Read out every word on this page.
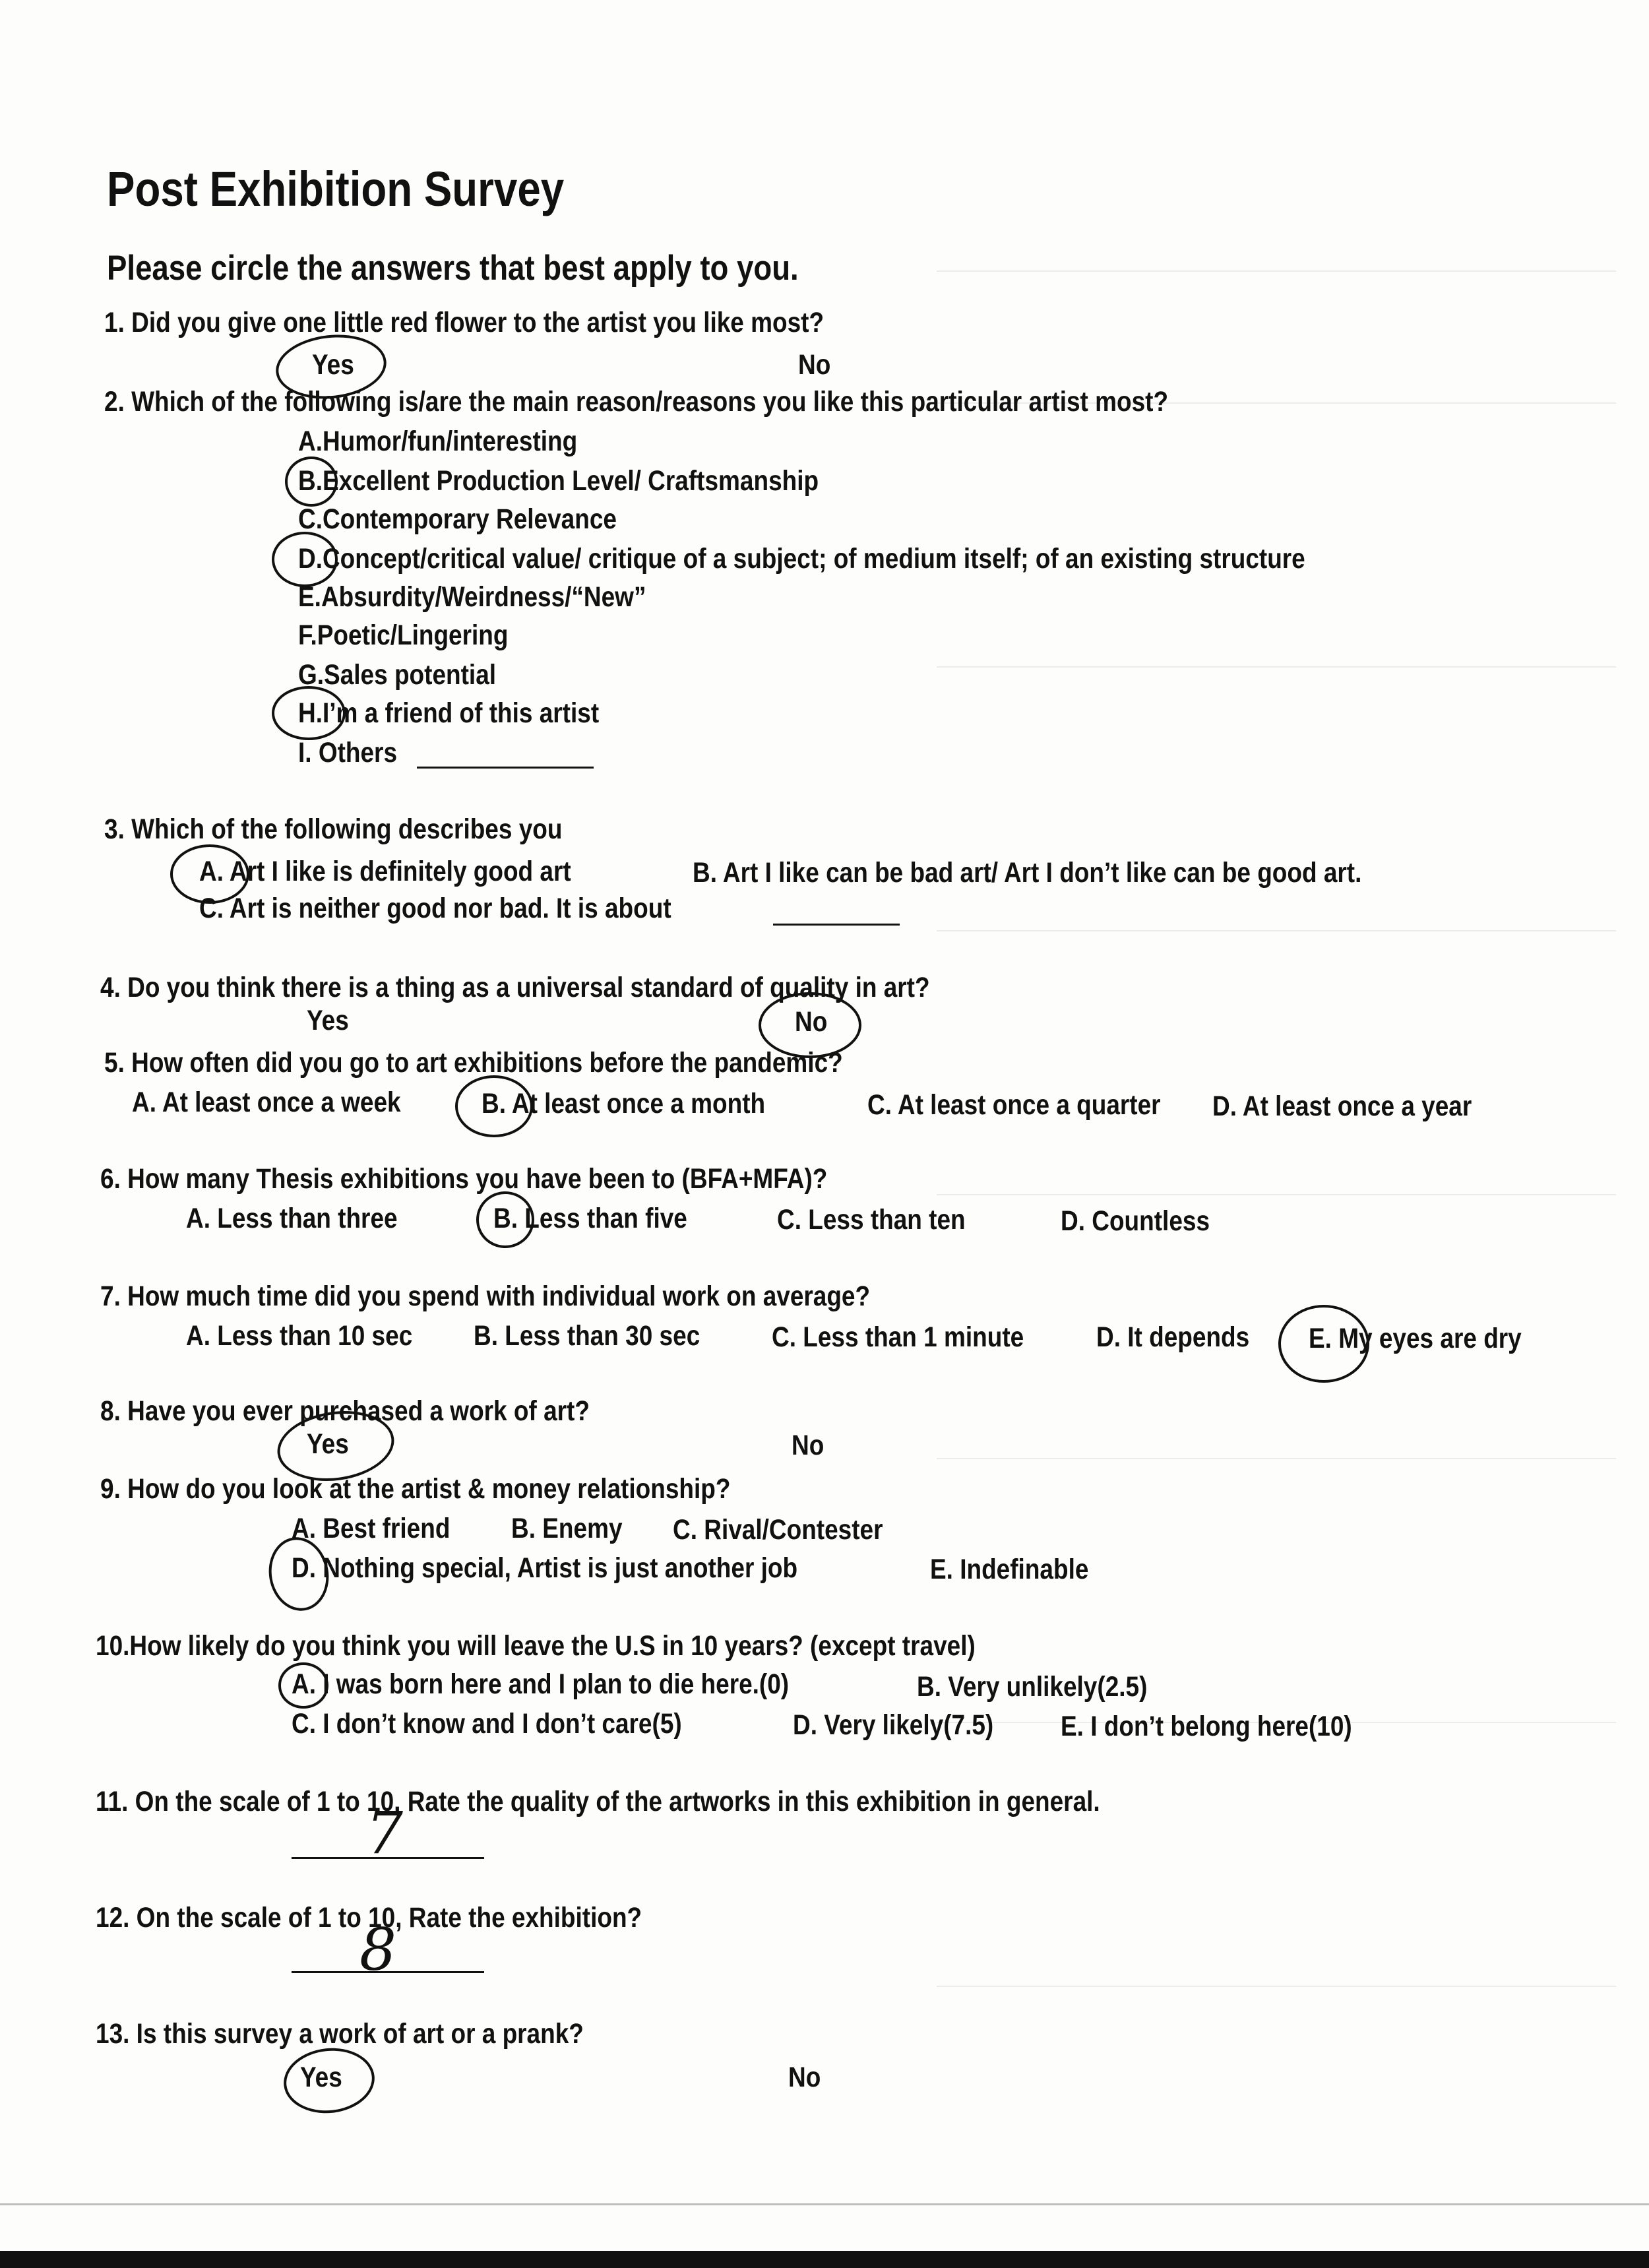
Post Exhibition Survey
Please circle the answers that best apply to you.
1. Did you give one little red flower to the artist you like most?
Yes	No
2. Which of the following is/are the main reason/reasons you like this particular artist most?
A.Humor/fun/interesting
B.Excellent Production Level/ Craftsmanship
C.Contemporary Relevance
D.Concept/critical value/ critique of a subject; of medium itself; of an existing structure
E.Absurdity/Weirdness/“New”
F.Poetic/Lingering
G.Sales potential
H.I’m a friend of this artist
I. Others
3. Which of the following describes you
A. Art I like is definitely good art	B. Art I like can be bad art/ Art I don’t like can be good art.
C. Art is neither good nor bad. It is about
4. Do you think there is a thing as a universal standard of quality in art?
Yes	No
5. How often did you go to art exhibitions before the pandemic?
A. At least once a week	B. At least once a month	C. At least once a quarter D. At least once a year
6. How many Thesis exhibitions you have been to (BFA+MFA)?
A. Less than three	B. Less than five	C. Less than ten	D. Countless
7. How much time did you spend with individual work on average?
A. Less than 10 sec B. Less than 30 sec	C. Less than 1 minute	D. It depends E. My eyes are dry
8. Have you ever purchased a work of art?
Yes	No
9. How do you look at the artist & money relationship?
A. Best friend B. Enemy C. Rival/Contester
D. Nothing special, Artist is just another job	E. Indefinable
10.How likely do you think you will leave the U.S in 10 years? (except travel)
A. I was born here and I plan to die here.(0)	B. Very unlikely(2.5)
C. I don’t know and I don’t care(5)	D. Very likely(7.5) E. I don’t belong here(10)
11. On the scale of 1 to 10, Rate the quality of the artworks in this exhibition in general.
7
12. On the scale of 1 to 10, Rate the exhibition?
8
13. Is this survey a work of art or a prank?
Yes	No
